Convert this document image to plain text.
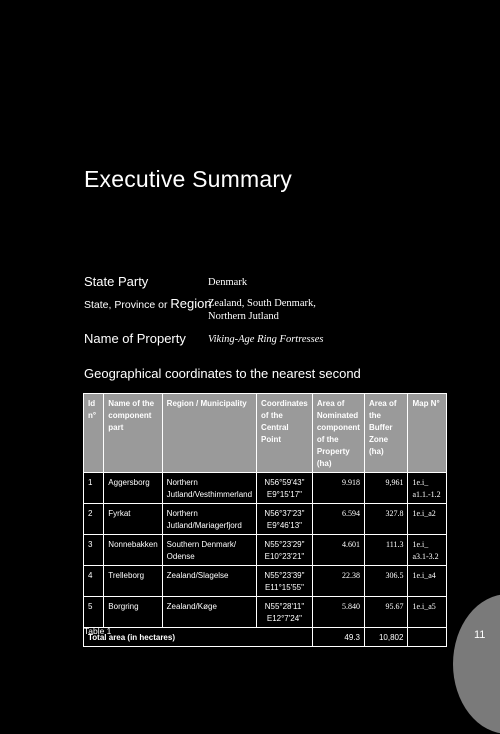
Executive Summary
State Party	Denmark
State, Province or Region
Zealand, South Denmark,
Northern Jutland
Name of Property Viking-Age Ring Fortresses
Geographical coordinates to the nearest second
Id n°	Name of the component part	Region / Municipality	Coordinates of the Central Point	Area of Nominated component of the Property (ha)	Area of the Buffer Zone (ha)	Map N°
1	Aggersborg	Northern Jutland/Vesthimmerland	N56°59'43"
E9°15'17"	9.918	9,961	1e.i_ a1.1.-1.2
2	Fyrkat	Northern Jutland/Mariagerfjord	N56°37'23"
E9°46'13"	6.594	327.8	1e.i_a2
3	Nonnebakken	Southern Denmark/ Odense	N55°23'29"
E10°23'21"	4.601	111.3	1e.i_ a3.1-3.2
4	Trelleborg	Zealand/Slagelse	N55°23'39"
E11°15'55"	22.38	306.5	1e.i_a4
5	Borgring	Zealand/Køge	N55°28'11"
E12°7'24"	5.840	95.67	1e.i_a5
Total area (in hectares)				49.3	10,802	
Table 1	11
